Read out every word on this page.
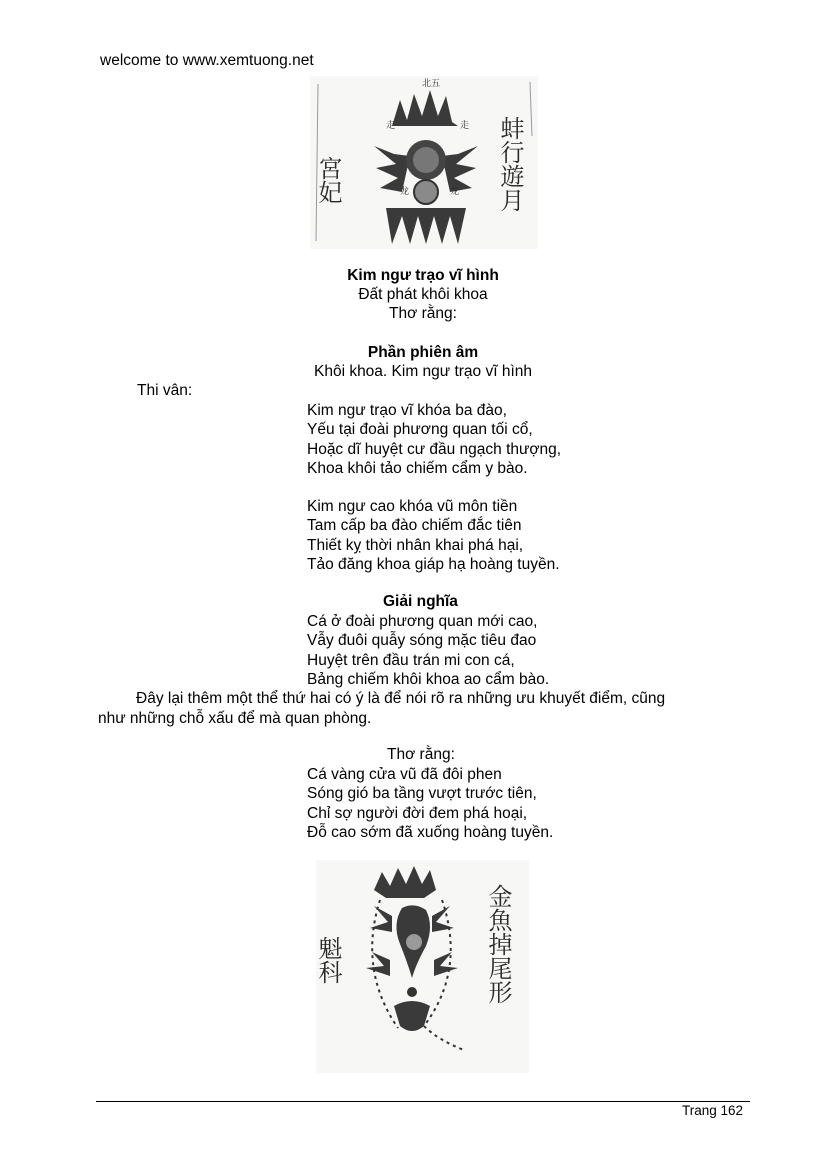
welcome to www.xemtuong.net
北五
走	走
龙	龙
宮妃	蚌行遊月
Kim ngư trạo vĩ hình
Đất phát khôi khoa
Thơ rằng:
Phần phiên âm
Khôi khoa. Kim ngư trạo vĩ hình
Thi vân:
Kim ngư trạo vĩ khóa ba đào,
Yếu tại đoài phương quan tối cổ,
Hoặc dĩ huyệt cư đầu ngạch thượng,
Khoa khôi tảo chiếm cẩm y bào.
Kim ngư cao khóa vũ môn tiền
Tam cấp ba đào chiếm đắc tiên
Thiết kỵ thời nhân khai phá hại,
Tảo đăng khoa giáp hạ hoàng tuyền.
Giải nghĩa
Cá ở đoài phương quan mới cao,
Vẫy đuôi quẫy sóng mặc tiêu đao
Huyệt trên đầu trán mi con cá,
Bảng chiếm khôi khoa ao cẩm bào.
Đây lại thêm một thể thứ hai có ý là để nói rõ ra những ưu khuyết điểm, cũng
như những chỗ xấu để mà quan phòng.
Thơ rằng:
Cá vàng cửa vũ đã đôi phen
Sóng gió ba tầng vượt trước tiên,
Chỉ sợ người đời đem phá hoại,
Đỗ cao sớm đã xuống hoàng tuyền.
魁科	金魚掉尾形
Trang 162
